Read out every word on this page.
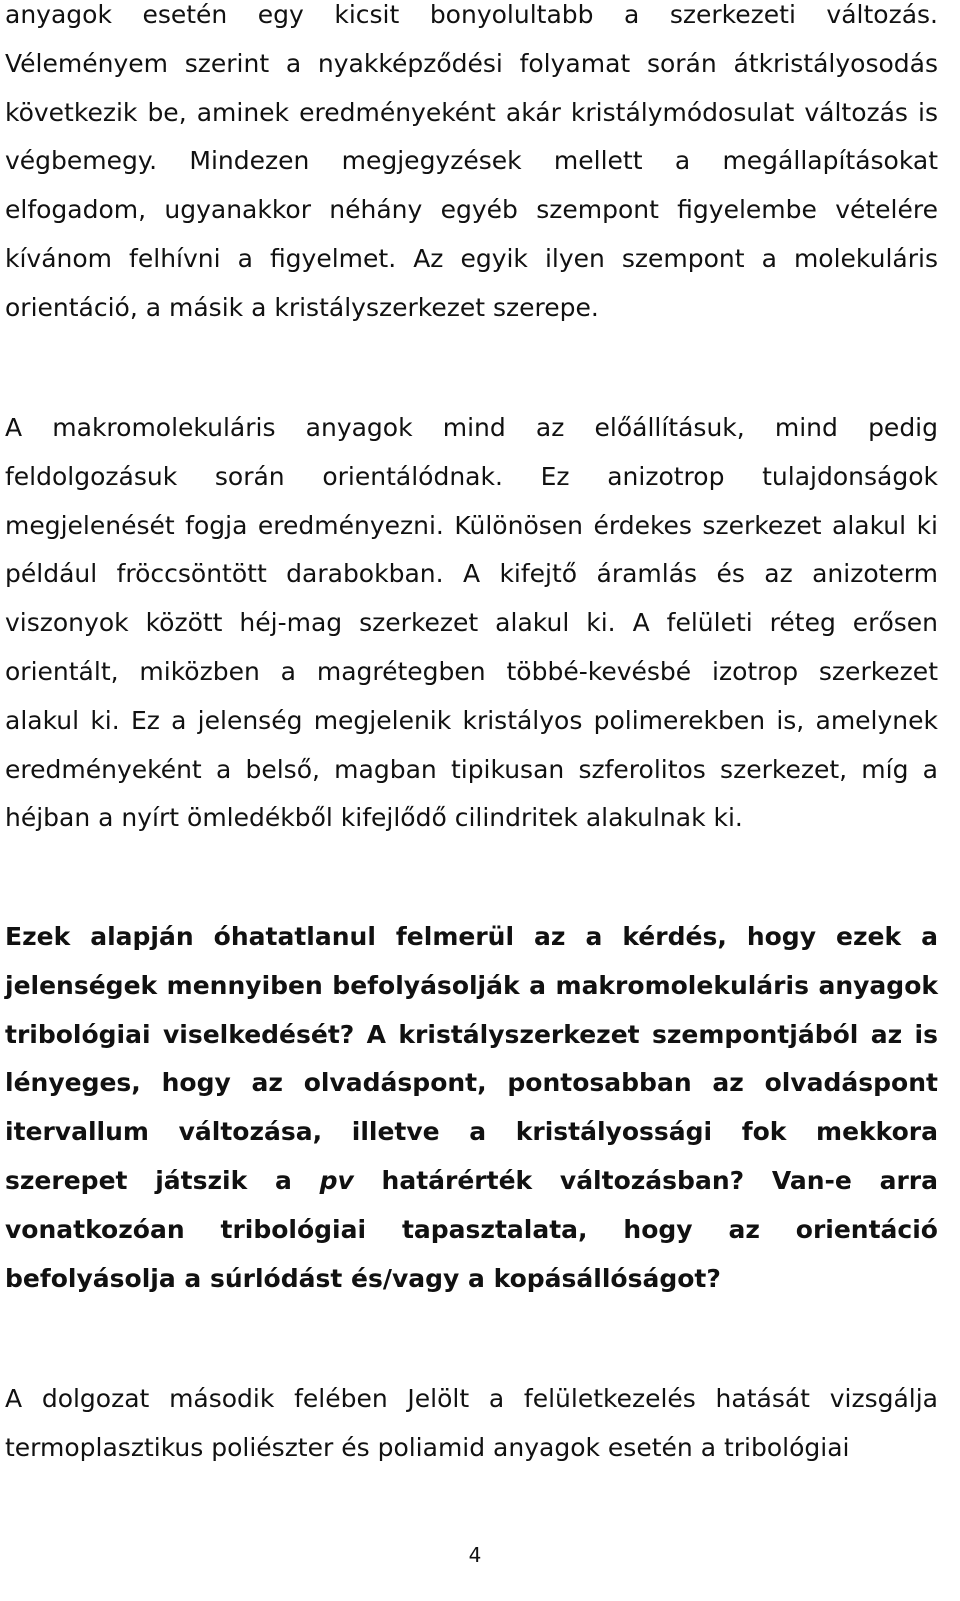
anyagok esetén egy kicsit bonyolultabb a szerkezeti változás. Véleményem szerint a nyakképződési folyamat során átkristályosodás következik be, aminek eredményeként akár kristálymódosulat változás is végbemegy. Mindezen megjegyzések mellett a megállapításokat elfogadom, ugyanakkor néhány egyéb szempont figyelembe vételére kívánom felhívni a figyelmet. Az egyik ilyen szempont a molekuláris orientáció, a másik a kristályszerkezet szerepe.

A makromolekuláris anyagok mind az előállításuk, mind pedig feldolgozásuk során orientálódnak. Ez anizotrop tulajdonságok megjelenését fogja eredményezni. Különösen érdekes szerkezet alakul ki például fröccsöntött darabokban. A kifejtő áramlás és az anizoterm viszonyok között héj-mag szerkezet alakul ki. A felületi réteg erősen orientált, miközben a magrétegben többé-kevésbé izotrop szerkezet alakul ki. Ez a jelenség megjelenik kristályos polimerekben is, amelynek eredményeként a belső, magban tipikusan szferolitos szerkezet, míg a héjban a nyírt ömledékből kifejlődő cilindritek alakulnak ki.

Ezek alapján óhatatlanul felmerül az a kérdés, hogy ezek a jelenségek mennyiben befolyásolják a makromolekuláris anyagok tribológiai viselkedését? A kristályszerkezet szempontjából az is lényeges, hogy az olvadáspont, pontosabban az olvadáspont itervallum változása, illetve a kristályossági fok mekkora szerepet játszik a pv határérték változásban? Van-e arra vonatkozóan tribológiai tapasztalata, hogy az orientáció befolyásolja a súrlódást és/vagy a kopásállóságot?

A dolgozat második felében Jelölt a felületkezelés hatását vizsgálja termoplasztikus poliészter és poliamid anyagok esetén a tribológiai

4
